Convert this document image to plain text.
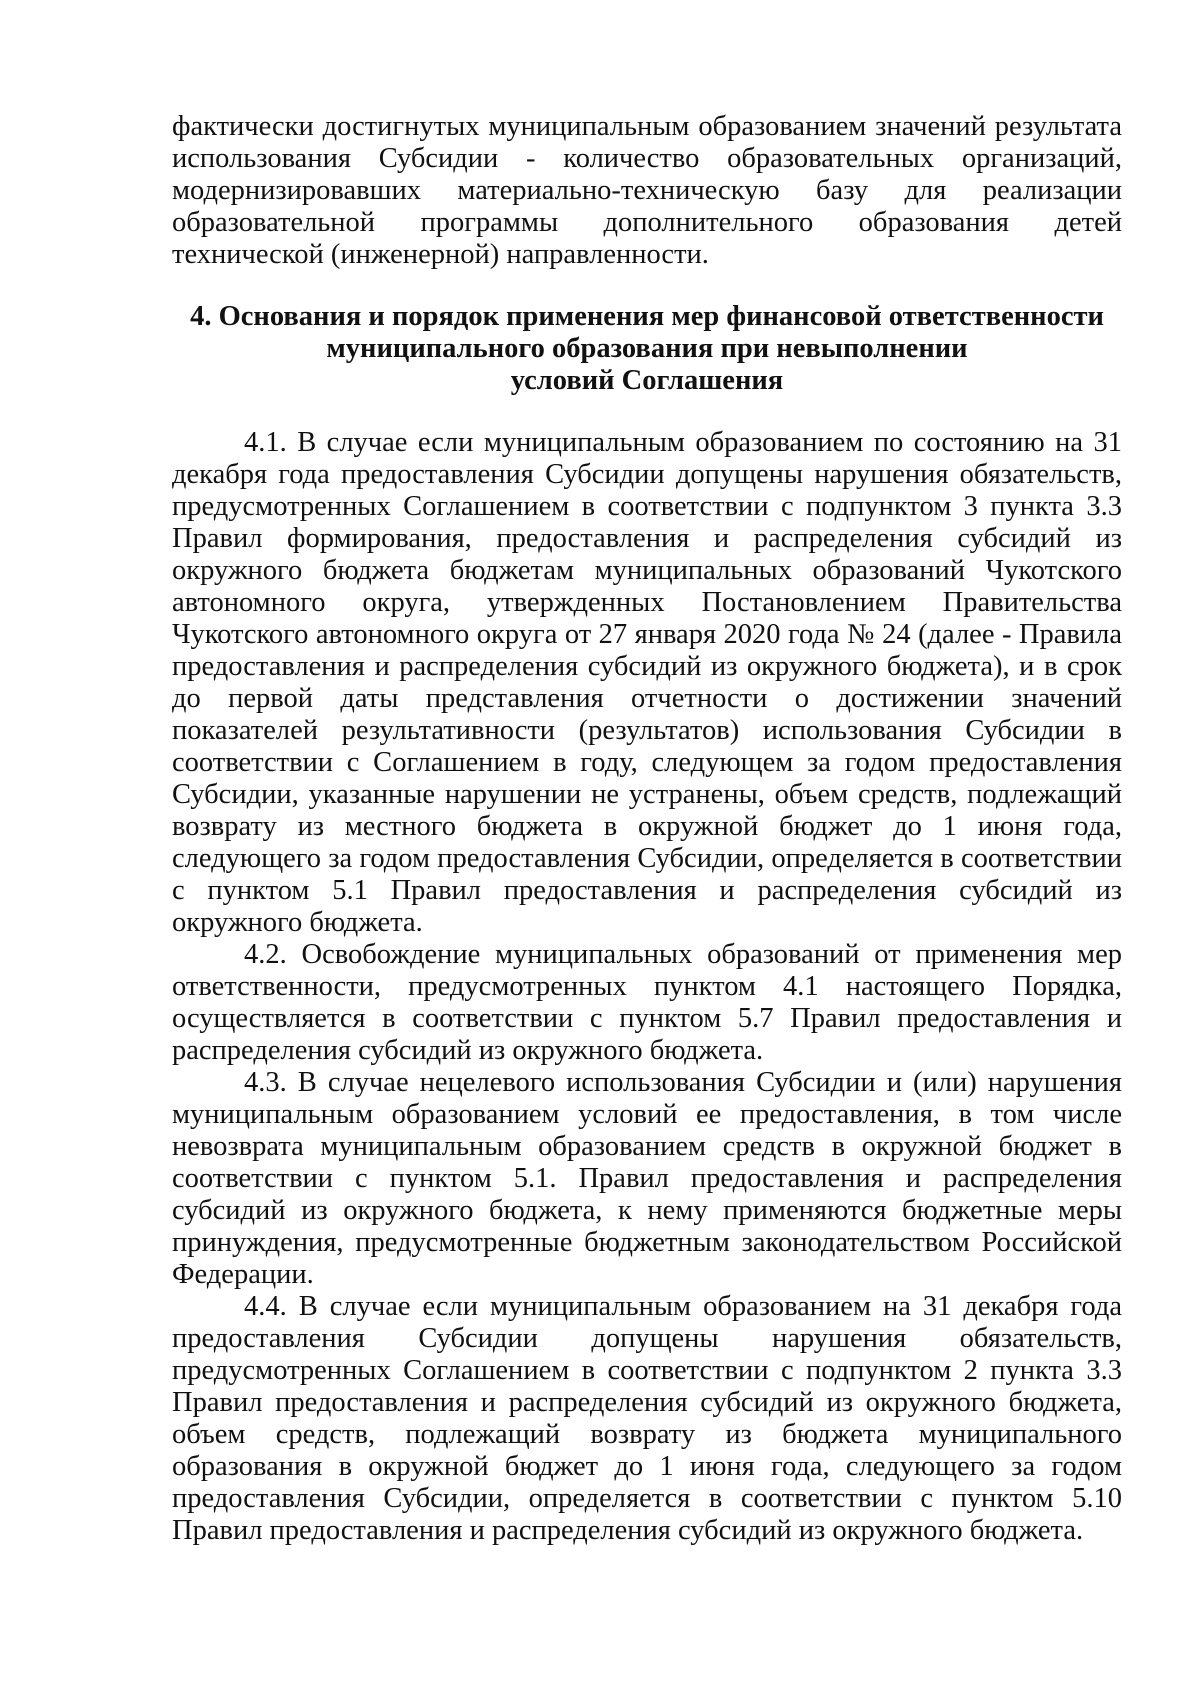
фактически достигнутых муниципальным образованием значений результата использования Субсидии - количество образовательных организаций, модернизировавших материально-техническую базу для реализации образовательной программы дополнительного образования детей технической (инженерной) направленности.

4. Основания и порядок применения мер финансовой ответственности
муниципального образования при невыполнении
условий Соглашения

4.1. В случае если муниципальным образованием по состоянию на 31 декабря года предоставления Субсидии допущены нарушения обязательств, предусмотренных Соглашением в соответствии с подпунктом 3 пункта 3.3 Правил формирования, предоставления и распределения субсидий из окружного бюджета бюджетам муниципальных образований Чукотского автономного округа, утвержденных Постановлением Правительства Чукотского автономного округа от 27 января 2020 года № 24 (далее - Правила предоставления и распределения субсидий из окружного бюджета), и в срок до первой даты представления отчетности о достижении значений показателей результативности (результатов) использования Субсидии в соответствии с Соглашением в году, следующем за годом предоставления Субсидии, указанные нарушении не устранены, объем средств, подлежащий возврату из местного бюджета в окружной бюджет до 1 июня года, следующего за годом предоставления Субсидии, определяется в соответствии с пунктом 5.1 Правил предоставления и распределения субсидий из окружного бюджета.

4.2. Освобождение муниципальных образований от применения мер ответственности, предусмотренных пунктом 4.1 настоящего Порядка, осуществляется в соответствии с пунктом 5.7 Правил предоставления и распределения субсидий из окружного бюджета.

4.3. В случае нецелевого использования Субсидии и (или) нарушения муниципальным образованием условий ее предоставления, в том числе невозврата муниципальным образованием средств в окружной бюджет в соответствии с пунктом 5.1. Правил предоставления и распределения субсидий из окружного бюджета, к нему применяются бюджетные меры принуждения, предусмотренные бюджетным законодательством Российской Федерации.

4.4. В случае если муниципальным образованием на 31 декабря года предоставления Субсидии допущены нарушения обязательств, предусмотренных Соглашением в соответствии с подпунктом 2 пункта 3.3 Правил предоставления и распределения субсидий из окружного бюджета, объем средств, подлежащий возврату из бюджета муниципального образования в окружной бюджет до 1 июня года, следующего за годом предоставления Субсидии, определяется в соответствии с пунктом 5.10 Правил предоставления и распределения субсидий из окружного бюджета.
